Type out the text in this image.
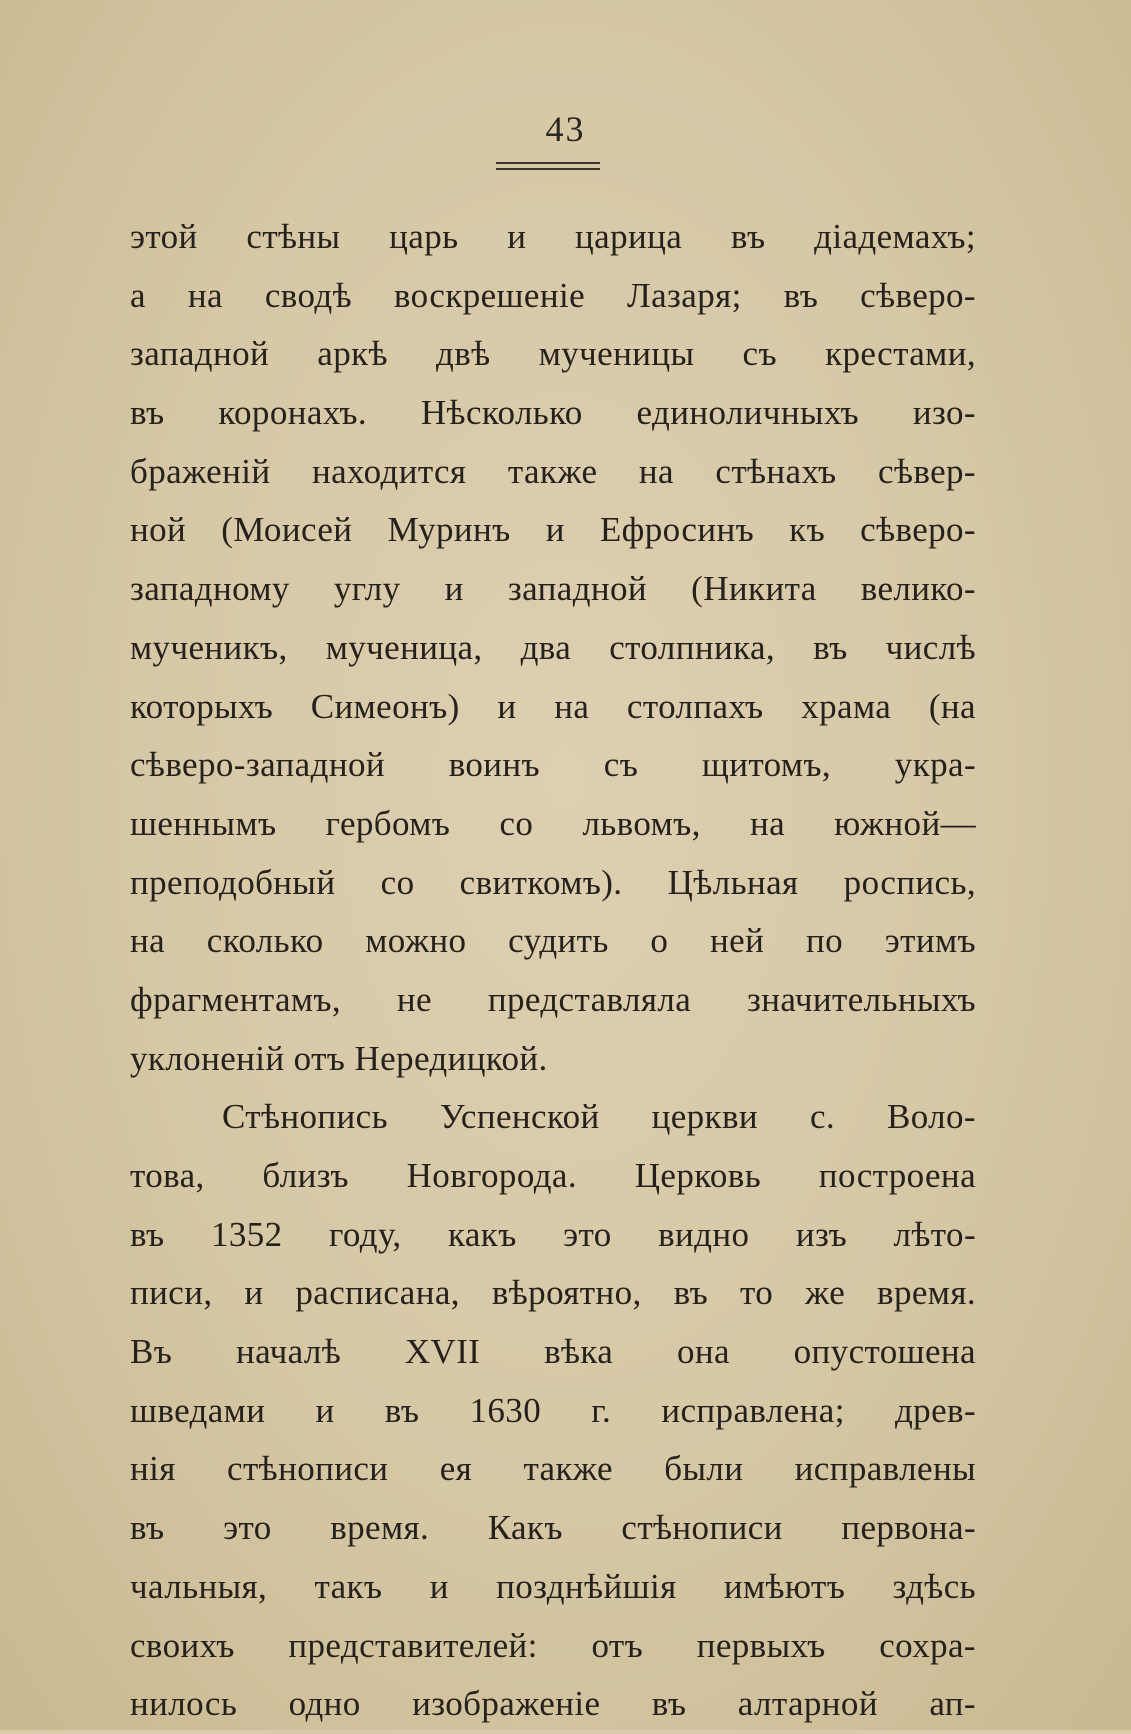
43
этой стѣны царь и царица въ діадемахъ;
а на сводѣ воскрешеніе Лазаря; въ сѣверо-
западной аркѣ двѣ мученицы съ крестами,
въ коронахъ. Нѣсколько единоличныхъ изо-
браженій находится также на стѣнахъ сѣвер-
ной (Моисей Муринъ и Ефросинъ къ сѣверо-
западному углу и западной (Никита велико-
мученикъ, мученица, два столпника, въ числѣ
которыхъ Симеонъ) и на столпахъ храма (на
сѣверо-западной воинъ съ щитомъ, укра-
шеннымъ гербомъ со львомъ, на южной—
преподобный со свиткомъ). Цѣльная роспись,
на сколько можно судить о ней по этимъ
фрагментамъ, не представляла значительныхъ
уклоненій отъ Нередицкой.
Стѣнопись Успенской церкви с. Воло-
това, близъ Новгорода. Церковь построена
въ 1352 году, какъ это видно изъ лѣто-
писи, и расписана, вѣроятно, въ то же время.
Въ началѣ XVII вѣка она опустошена
шведами и въ 1630 г. исправлена; древ-
нія стѣнописи ея также были исправлены
въ это время. Какъ стѣнописи первона-
чальныя, такъ и позднѣйшія имѣютъ здѣсь
своихъ представителей: отъ первыхъ сохра-
нилось одно изображеніе въ алтарной ап-
